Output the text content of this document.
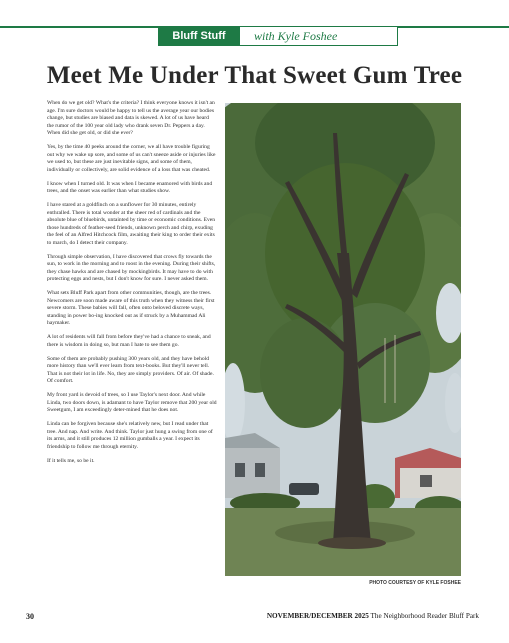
Bluff Stuff	with Kyle Foshee
Meet Me Under That Sweet Gum Tree

When do we get old? What's the criteria? I think everyone knows it isn't an age. I'm sure doctors would be happy to tell us the average year our bodies change, but studies are biased and data is skewed. A lot of us have heard the rumor of the 100 year old lady who drank seven Dr. Peppers a day. When did she get old, or did she ever?

Yes, by the time 40 peeks around the corner, we all have trouble figuring out why we wake up sore, and some of us can't sneeze aside or injuries like we used to, but these are just inevitable signs, and some of them, individually or collectively, are solid evidence of a loss that was cheated.

I know when I turned old. It was when I became enamored with birds and trees, and the onset was earlier than what studies show.

I have stared at a goldfinch on a sunflower for 30 minutes, entirely enthralled. There is total wonder at the sheer red of cardinals and the absolute blue of bluebirds, untainted by time or economic conditions. Even those hundreds of feather-seed friends, unknown perch and chirp, exuding the feel of an Alfred Hitchcock film, awaiting their king to order their exits to march, do I detect their company.

Through simple observation, I have discovered that crows fly towards the sun, to work in the morning and to roost in the evening. During their shifts, they chase hawks and are chased by mockingbirds. It may have to do with protecting eggs and nests, but I don't know for sure. I never asked them.

What sets Bluff Park apart from other communities, though, are the trees. Newcomers are soon made aware of this truth when they witness their first severe storm. These babies will fall, often onto beloved discrete ways, standing in power bo-ing knocked out as if struck by a Muhammad Ali haymaker.

A lot of residents will fall from before they've had a chance to sneak, and there is wisdom in doing so, but man I hate to see them go.

Some of them are probably pushing 300 years old, and they have behold more history than we'll ever learn from text-books. But they'll never tell. That is not their lot in life. No, they are simply providers. Of air. Of shade. Of comfort.

My front yard is devoid of trees, so I use Taylor's next door. And while Linda, two doors down, is adamant to have Taylor remove that 200 year old Sweetgum, I am exceedingly deter-mined that he does not.

Linda can be forgiven because she's relatively new, but I read under that tree. And nap. And write. And think. Taylor just hung a swing from one of its arms, and it still produces 12 million gumballs a year. I expect its friendship to follow me through eternity.

If it tells me, so be it.

PHOTO COURTESY OF KYLE FOSHEE
30	NOVEMBER/DECEMBER 2025 The Neighborhood Reader Bluff Park
